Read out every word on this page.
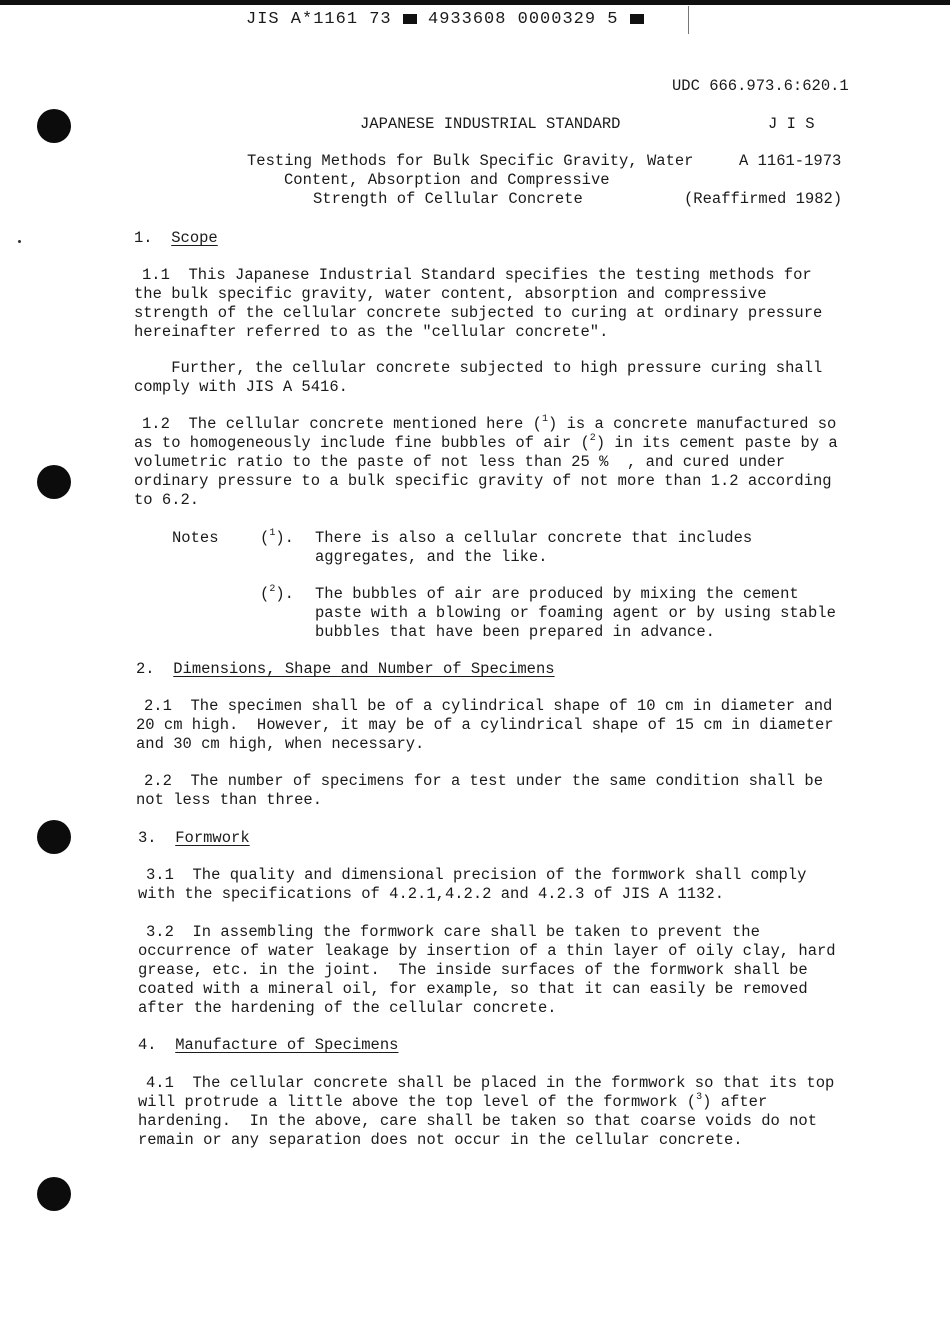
JIS A*1161 73 4933608 0000329 5
UDC 666.973.6:620.1
JAPANESE INDUSTRIAL STANDARD	J I S
Testing Methods for Bulk Specific Gravity, Water
Content, Absorption and Compressive
Strength of Cellular Concrete
A 1161-1973
(Reaffirmed 1982)
1. Scope
1.1  This Japanese Industrial Standard specifies the testing methods for
the bulk specific gravity, water content, absorption and compressive
strength of the cellular concrete subjected to curing at ordinary pressure
hereinafter referred to as the "cellular concrete".
Further, the cellular concrete subjected to high pressure curing shall
comply with JIS A 5416.
1.2  The cellular concrete mentioned here ($^1$) is a concrete manufactured so
as to homogeneously include fine bubbles of air ($^2$) in its cement paste by a
volumetric ratio to the paste of not less than 25 %  , and cured under
ordinary pressure to a bulk specific gravity of not more than 1.2 according
to 6.2.
Notes	($^1$). There is also a cellular concrete that includes
aggregates, and the like.
($^2$). The bubbles of air are produced by mixing the cement
paste with a blowing or foaming agent or by using stable
bubbles that have been prepared in advance.
2. Dimensions, Shape and Number of Specimens
2.1  The specimen shall be of a cylindrical shape of 10 cm in diameter and
20 cm high.  However, it may be of a cylindrical shape of 15 cm in diameter
and 30 cm high, when necessary.
2.2  The number of specimens for a test under the same condition shall be
not less than three.
3. Formwork
3.1  The quality and dimensional precision of the formwork shall comply
with the specifications of 4.2.1,4.2.2 and 4.2.3 of JIS A 1132.
3.2  In assembling the formwork care shall be taken to prevent the
occurrence of water leakage by insertion of a thin layer of oily clay, hard
grease, etc. in the joint.  The inside surfaces of the formwork shall be
coated with a mineral oil, for example, so that it can easily be removed
after the hardening of the cellular concrete.
4. Manufacture of Specimens
4.1  The cellular concrete shall be placed in the formwork so that its top
will protrude a little above the top level of the formwork ($^3$) after
hardening.  In the above, care shall be taken so that coarse voids do not
remain or any separation does not occur in the cellular concrete.
